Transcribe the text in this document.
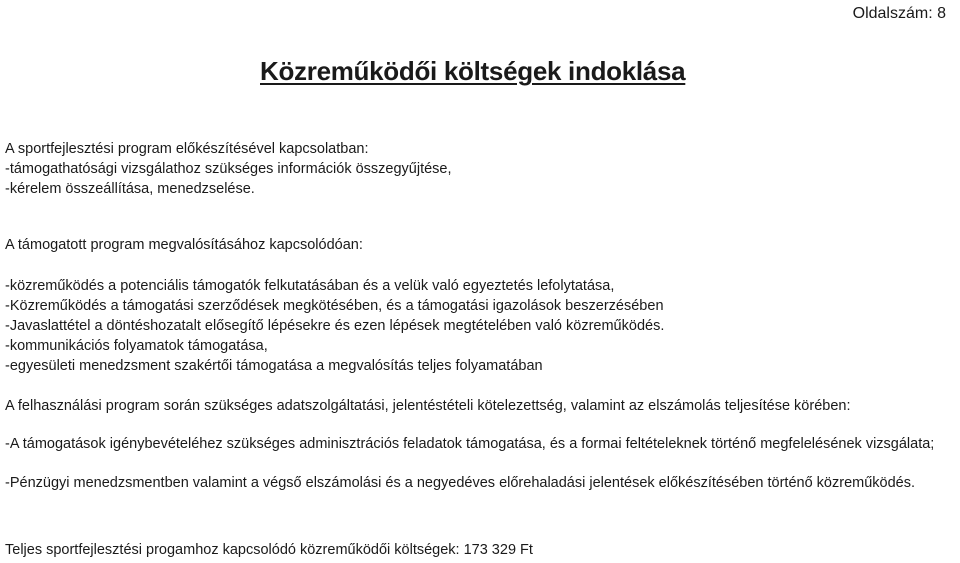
Oldalszám: 8
Közreműködői költségek indoklása
A sportfejlesztési program előkészítésével kapcsolatban:
-támogathatósági vizsgálathoz szükséges információk összegyűjtése,
-kérelem összeállítása, menedzselése.
A támogatott program megvalósításához kapcsolódóan:
-közreműködés a potenciális támogatók felkutatásában és a velük való egyeztetés lefolytatása,
-Közreműködés a támogatási szerződések megkötésében, és a támogatási igazolások beszerzésében
-Javaslattétel a döntéshozatalt elősegítő lépésekre és ezen lépések megtételében való közreműködés.
-kommunikációs folyamatok támogatása,
-egyesületi menedzsment szakértői támogatása a megvalósítás teljes folyamatában
A felhasználási program során szükséges adatszolgáltatási, jelentéstételi kötelezettség, valamint az elszámolás teljesítése körében:
-A támogatások igénybevételéhez szükséges adminisztrációs feladatok támogatása, és a formai feltételeknek történő megfelelésének vizsgálata;
-Pénzügyi menedzsmentben valamint a végső elszámolási és a negyedéves előrehaladási jelentések előkészítésében történő közreműködés.
Teljes sportfejlesztési progamhoz kapcsolódó közreműködői költségek: 173 329 Ft
